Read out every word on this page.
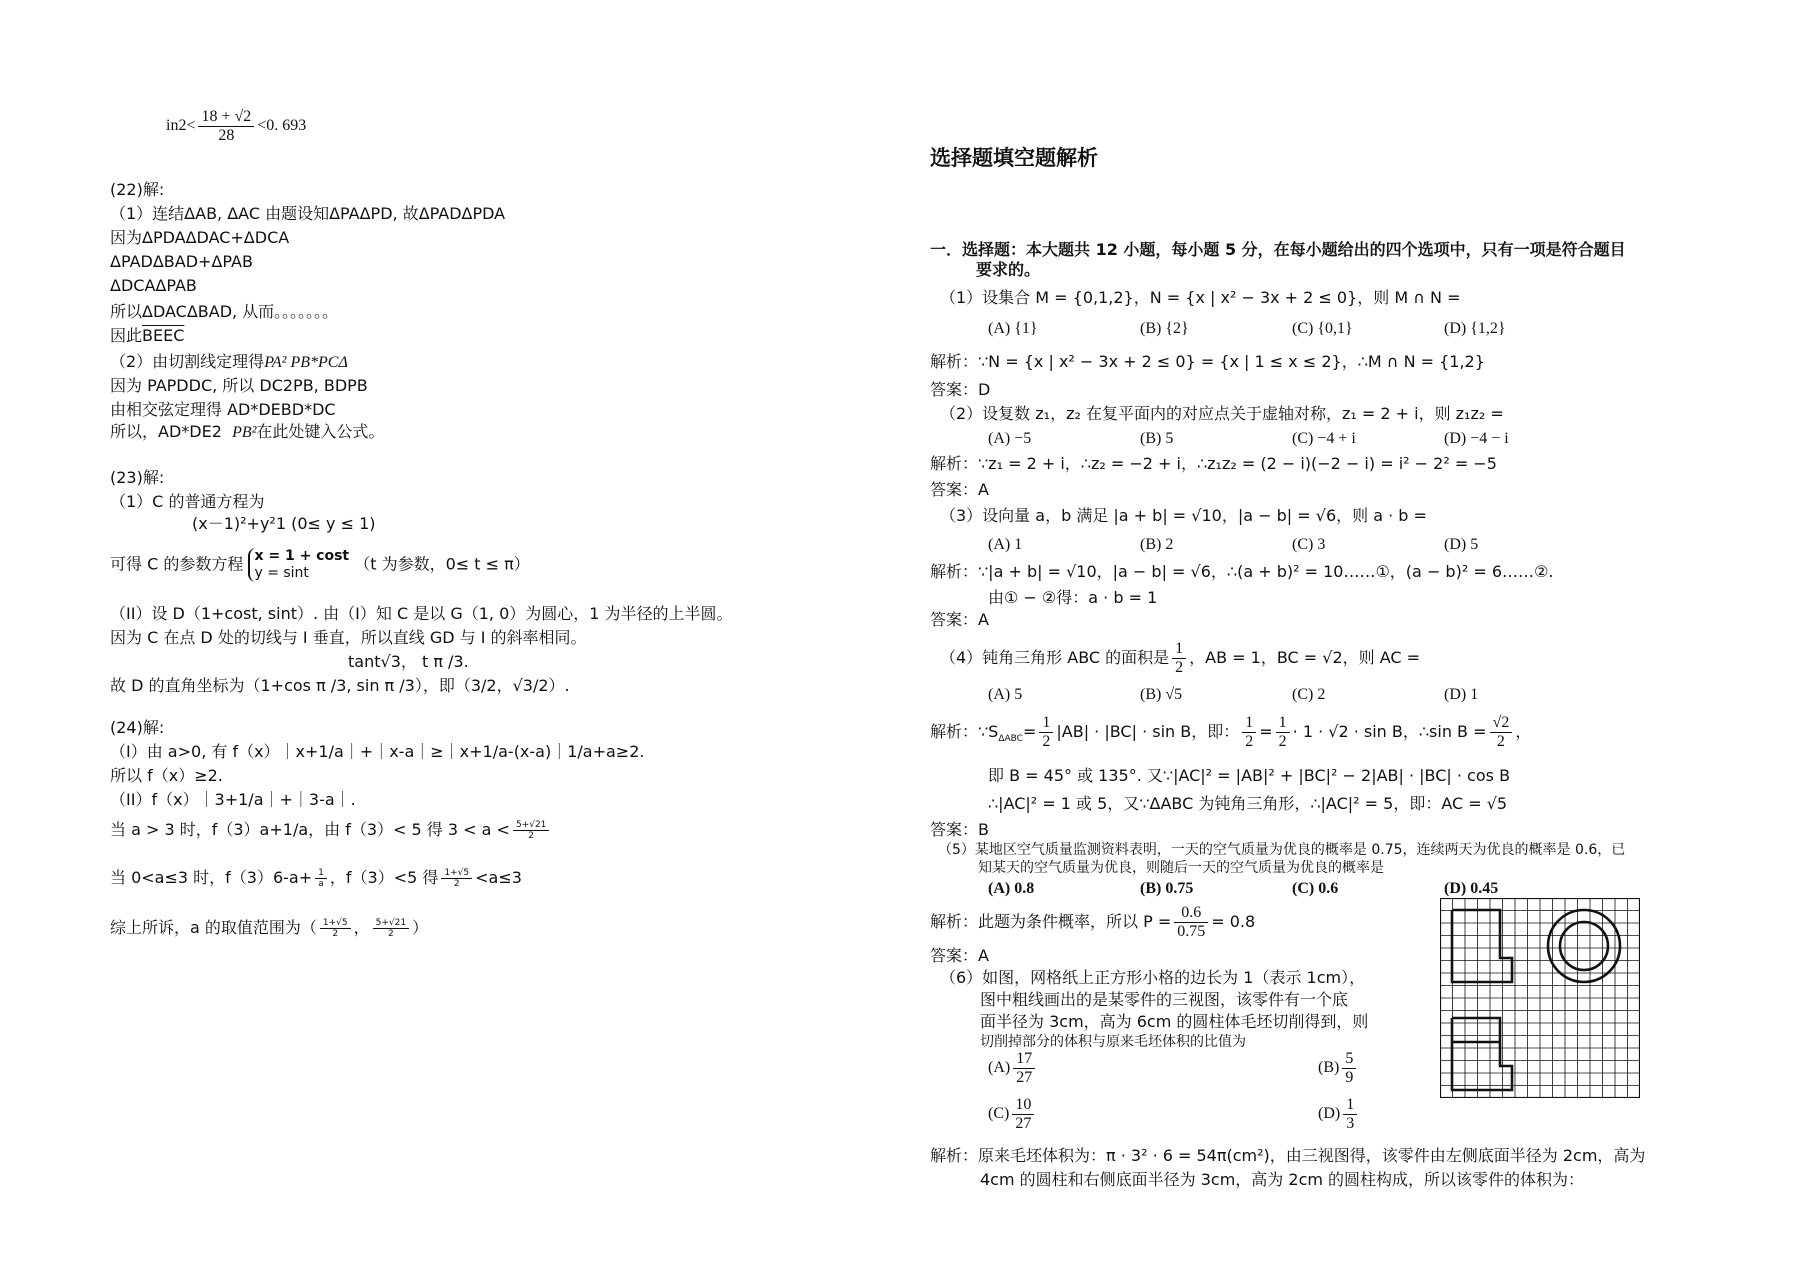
$in2< \frac{18 + √2}{28} <0$. 693
(22)解:
（1）连结ΔAB, ΔAC 由题设知ΔPAΔPD, 故ΔPADΔPDA
因为ΔPDAΔDAC+ΔDCA
ΔPADΔBAD+ΔPAB
ΔDCAΔPAB
所以ΔDACΔBAD, 从而。。。。。。。
因此BEEC
（2）由切割线定理得PA² PB*PCΔ
因为 PAPDDC, 所以 DC2PB, BDPB
由相交弦定理得 AD*DEBD*DC
所以，AD*DE2 PB²在此处键入公式。
(23)解:
（1）C 的普通方程为
(x－1)²+y²1 (0≤ y ≤ 1)
可得 C 的参数方程 x = 1 + cost
y = sint	（t 为参数，0≤ t ≤ π）
（II）设 D（1+cost, sint）. 由（I）知 C 是以 G（1, 0）为圆心，1 为半径的上半圆。
因为 C 在点 D 处的切线与 I 垂直，所以直线 GD 与 I 的斜率相同。
tant√3， t π /3.
故 D 的直角坐标为（1+cos π /3, sin π /3），即（3/2，√3/2）.
(24)解:
（I）由 a>0, 有 f（x）｜x+1/a｜+｜x-a｜≥｜x+1/a-(x-a)｜1/a+a≥2.
所以 f（x）≥2.
（II）f（x）｜3+1/a｜+｜3-a｜.
当 a > 3 时，f（3）a+1/a，由 f（3）< 5 得 $3 < a < \frac{5+√21}{2}$
当 0<a≤3 时，$f(3)6-a+ \frac{1}{a}$ ，f（3）<5 得 $\frac{1+√5}{2} <a\le 3$
综上所诉，a 的取值范围为（ $\frac{1+√5}{2}$ ， $\frac{5+√21}{2}$ ）
选择题填空题解析
一．选择题：本大题共 12 小题，每小题 5 分，在每小题给出的四个选项中，只有一项是符合题目
要求的。
（1）设集合 M = {0,1,2}，N = {x | x² − 3x + 2 ≤ 0}，则 M ∩ N =
(A) {1}	(B) {2}	(C) {0,1}	(D) {1,2}
解析：∵N = {x | x² − 3x + 2 ≤ 0} = {x | 1 ≤ x ≤ 2}，∴M ∩ N = {1,2}
答案：D
（2）设复数 z₁，z₂ 在复平面内的对应点关于虚轴对称，z₁ = 2 + i，则 z₁z₂ =
(A) −5	(B) 5	(C) −4 + i	(D) −4 − i
解析：∵z₁ = 2 + i，∴z₂ = −2 + i，∴z₁z₂ = (2 − i)(−2 − i) = i² − 2² = −5
答案：A
（3）设向量 a，b 满足 |a + b| = √10，|a − b| = √6，则 a · b =
(A) 1	(B) 2	(C) 3	(D) 5
解析：∵|a + b| = √10，|a − b| = √6，∴(a + b)² = 10……①，(a − b)² = 6……②.
由① − ②得：a · b = 1
答案：A
（4）钝角三角形 ABC 的面积是 $\frac{1}{2}$ ，AB = 1，BC = √2，则 AC =
(A) 5	(B) √5	(C) 2	(D) 1
解析：$\because S_{\Delta ABC}= \frac{1}{2} |AB| \cdot |BC| \cdot \sin B$，即： $\frac{1}{2} = \frac{1}{2} \cdot 1 \cdot √2 \cdot \sin B$，∴sin $B = \frac{√2}{2}$ ，
即 B = 45° 或 135°. 又∵|AC|² = |AB|² + |BC|² − 2|AB| · |BC| · cos B
∴|AC|² = 1 或 5，又∵ΔABC 为钝角三角形，∴|AC|² = 5，即：AC = √5
答案：B
（5）某地区空气质量监测资料表明，一天的空气质量为优良的概率是 0.75，连续两天为优良的概率是 0.6，已
知某天的空气质量为优良，则随后一天的空气质量为优良的概率是
(A) 0.8	(B) 0.75	(C) 0.6	(D) 0.45
解析：此题为条件概率，所以 $P = \frac{0.6}{0.75} = 0.8$
答案：A
（6）如图，网格纸上正方形小格的边长为 1（表示 1cm），
图中粗线画出的是某零件的三视图，该零件有一个底
面半径为 3cm，高为 6cm 的圆柱体毛坯切削得到，则
切削掉部分的体积与原来毛坯体积的比值为
$(A) \frac{17}{27}$	$(B) \frac{5}{9}$
$(C) \frac{10}{27}$	$(D) \frac{1}{3}$
解析：原来毛坯体积为：π · 3² · 6 = 54π(cm²)，由三视图得，该零件由左侧底面半径为 2cm，高为
4cm 的圆柱和右侧底面半径为 3cm，高为 2cm 的圆柱构成，所以该零件的体积为：
